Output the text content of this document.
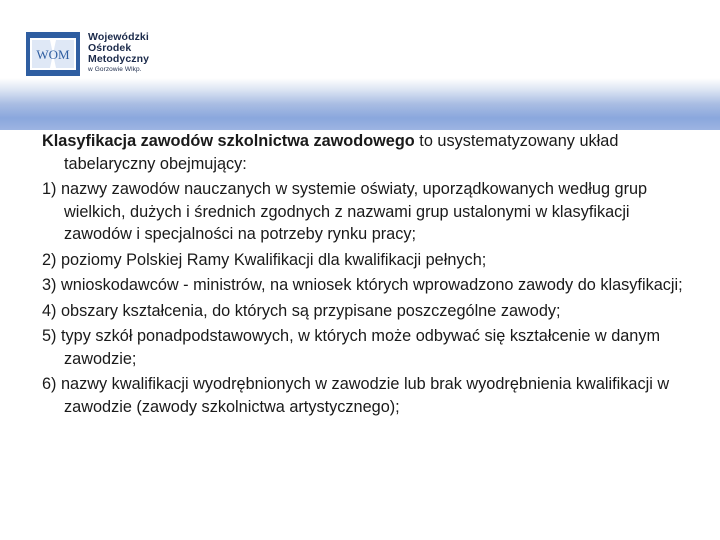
WOM
Wojewódzki
Ośrodek
Metodyczny
w Gorzowie Wlkp.

Klasyfikacja zawodów szkolnictwa zawodowego to usystematyzowany układ tabelaryczny obejmujący:

1) nazwy zawodów nauczanych w systemie oświaty, uporządkowanych według grup wielkich, dużych i średnich zgodnych z nazwami grup ustalonymi w klasyfikacji zawodów i specjalności na potrzeby rynku pracy;

2) poziomy Polskiej Ramy Kwalifikacji dla kwalifikacji pełnych;

3) wnioskodawców - ministrów, na wniosek których wprowadzono zawody do klasyfikacji;

4) obszary kształcenia, do których są przypisane poszczególne zawody;

5) typy szkół ponadpodstawowych, w których może odbywać się kształcenie w danym zawodzie;

6) nazwy kwalifikacji wyodrębnionych w zawodzie lub brak wyodrębnienia kwalifikacji w zawodzie (zawody szkolnictwa artystycznego);
